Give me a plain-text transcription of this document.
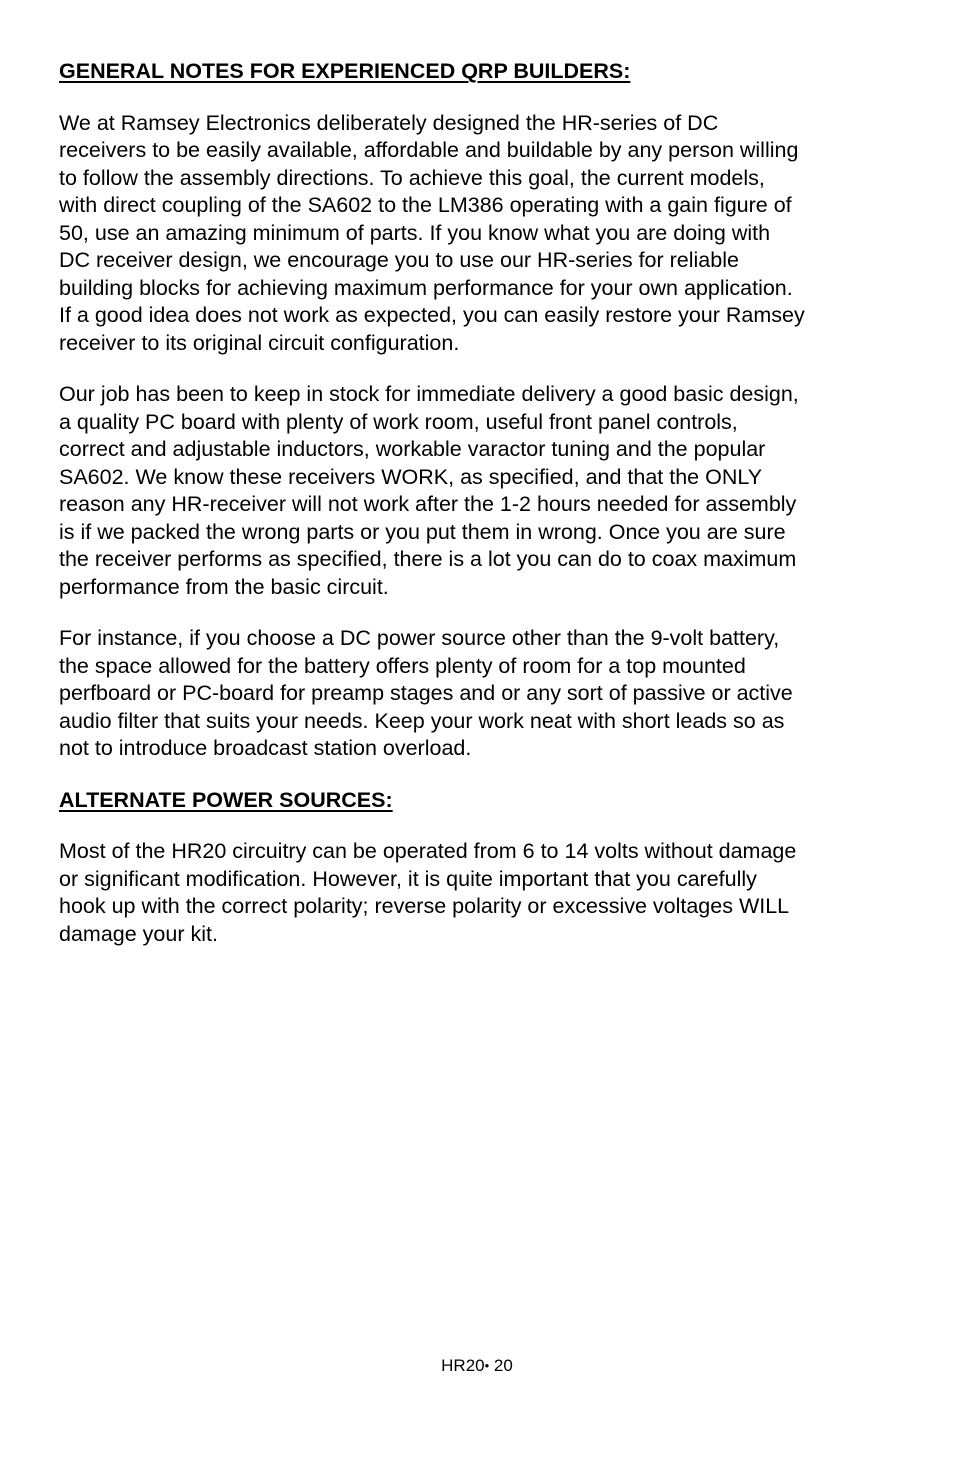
GENERAL NOTES FOR EXPERIENCED QRP BUILDERS:

We at Ramsey Electronics deliberately designed the HR-series of DC
receivers to be easily available, affordable and buildable by any person willing
to follow the assembly directions. To achieve this goal, the current models,
with direct coupling of the SA602 to the LM386 operating with a gain figure of
50, use an amazing minimum of parts. If you know what you are doing with
DC receiver design, we encourage you to use our HR-series for reliable
building blocks for achieving maximum performance for your own application.
If a good idea does not work as expected, you can easily restore your Ramsey
receiver to its original circuit configuration.

Our job has been to keep in stock for immediate delivery a good basic design,
a quality PC board with plenty of work room, useful front panel controls,
correct and adjustable inductors, workable varactor tuning and the popular
SA602. We know these receivers WORK, as specified, and that the ONLY
reason any HR-receiver will not work after the 1-2 hours needed for assembly
is if we packed the wrong parts or you put them in wrong. Once you are sure
the receiver performs as specified, there is a lot you can do to coax maximum
performance from the basic circuit.

For instance, if you choose a DC power source other than the 9-volt battery,
the space allowed for the battery offers plenty of room for a top mounted
perfboard or PC-board for preamp stages and or any sort of passive or active
audio filter that suits your needs. Keep your work neat with short leads so as
not to introduce broadcast station overload.

ALTERNATE POWER SOURCES:

Most of the HR20 circuitry can be operated from 6 to 14 volts without damage
or significant modification. However, it is quite important that you carefully
hook up with the correct polarity; reverse polarity or excessive voltages WILL
damage your kit.

HR20• 20
